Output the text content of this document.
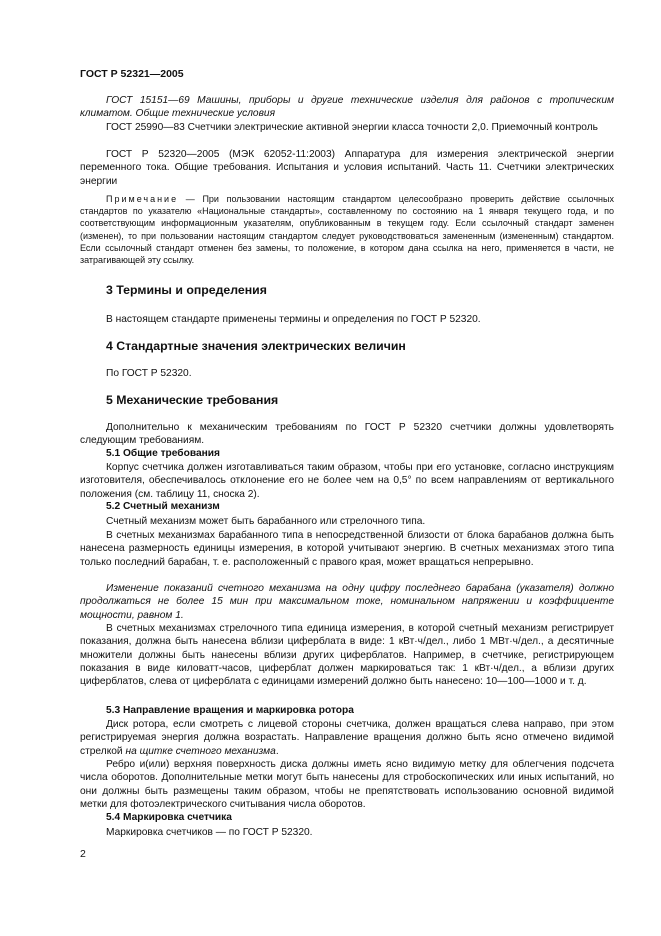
ГОСТ Р 52321—2005

ГОСТ 15151—69 Машины, приборы и другие технические изделия для районов с тропическим климатом. Общие технические условия

ГОСТ 25990—83 Счетчики электрические активной энергии класса точности 2,0. Приемочный контроль

ГОСТ Р 52320—2005 (МЭК 62052-11:2003) Аппаратура для измерения электрической энергии переменного тока. Общие требования. Испытания и условия испытаний. Часть 11. Счетчики электрических энергии

Примечание — При пользовании настоящим стандартом целесообразно проверить действие ссылочных стандартов по указателю «Национальные стандарты», составленному по состоянию на 1 января текущего года, и по соответствующим информационным указателям, опубликованным в текущем году. Если ссылочный стандарт заменен (изменен), то при пользовании настоящим стандартом следует руководствоваться замененным (измененным) стандартом. Если ссылочный стандарт отменен без замены, то положение, в котором дана ссылка на него, применяется в части, не затрагивающей эту ссылку.

3 Термины и определения

В настоящем стандарте применены термины и определения по ГОСТ Р 52320.

4 Стандартные значения электрических величин

По ГОСТ Р 52320.

5 Механические требования

Дополнительно к механическим требованиям по ГОСТ Р 52320 счетчики должны удовлетворять следующим требованиям.

5.1 Общие требования

Корпус счетчика должен изготавливаться таким образом, чтобы при его установке, согласно инструкциям изготовителя, обеспечивалось отклонение его не более чем на 0,5° по всем направлениям от вертикального положения (см. таблицу 11, сноска 2).

5.2 Счетный механизм

Счетный механизм может быть барабанного или стрелочного типа.

В счетных механизмах барабанного типа в непосредственной близости от блока барабанов должна быть нанесена размерность единицы измерения, в которой учитывают энергию. В счетных механизмах этого типа только последний барабан, т. е. расположенный с правого края, может вращаться непрерывно.

Изменение показаний счетного механизма на одну цифру последнего барабана (указателя) должно продолжаться не более 15 мин при максимальном токе, номинальном напряжении и коэффициенте мощности, равном 1.

В счетных механизмах стрелочного типа единица измерения, в которой счетный механизм регистрирует показания, должна быть нанесена вблизи циферблата в виде: 1 кВт·ч/дел., либо 1 МВт·ч/дел., а десятичные множители должны быть нанесены вблизи других циферблатов. Например, в счетчике, регистрирующем показания в виде киловатт-часов, циферблат должен маркироваться так: 1 кВт·ч/дел., а вблизи других циферблатов, слева от циферблата с единицами измерений должно быть нанесено: 10—100—1000 и т. д.

5.3 Направление вращения и маркировка ротора

Диск ротора, если смотреть с лицевой стороны счетчика, должен вращаться слева направо, при этом регистрируемая энергия должна возрастать. Направление вращения должно быть ясно отмечено видимой стрелкой на щитке счетного механизма.

Ребро и(или) верхняя поверхность диска должны иметь ясно видимую метку для облегчения подсчета числа оборотов. Дополнительные метки могут быть нанесены для стробоскопических или иных испытаний, но они должны быть размещены таким образом, чтобы не препятствовать использованию основной видимой метки для фотоэлектрического считывания числа оборотов.

5.4 Маркировка счетчика

Маркировка счетчиков — по ГОСТ Р 52320.

2
